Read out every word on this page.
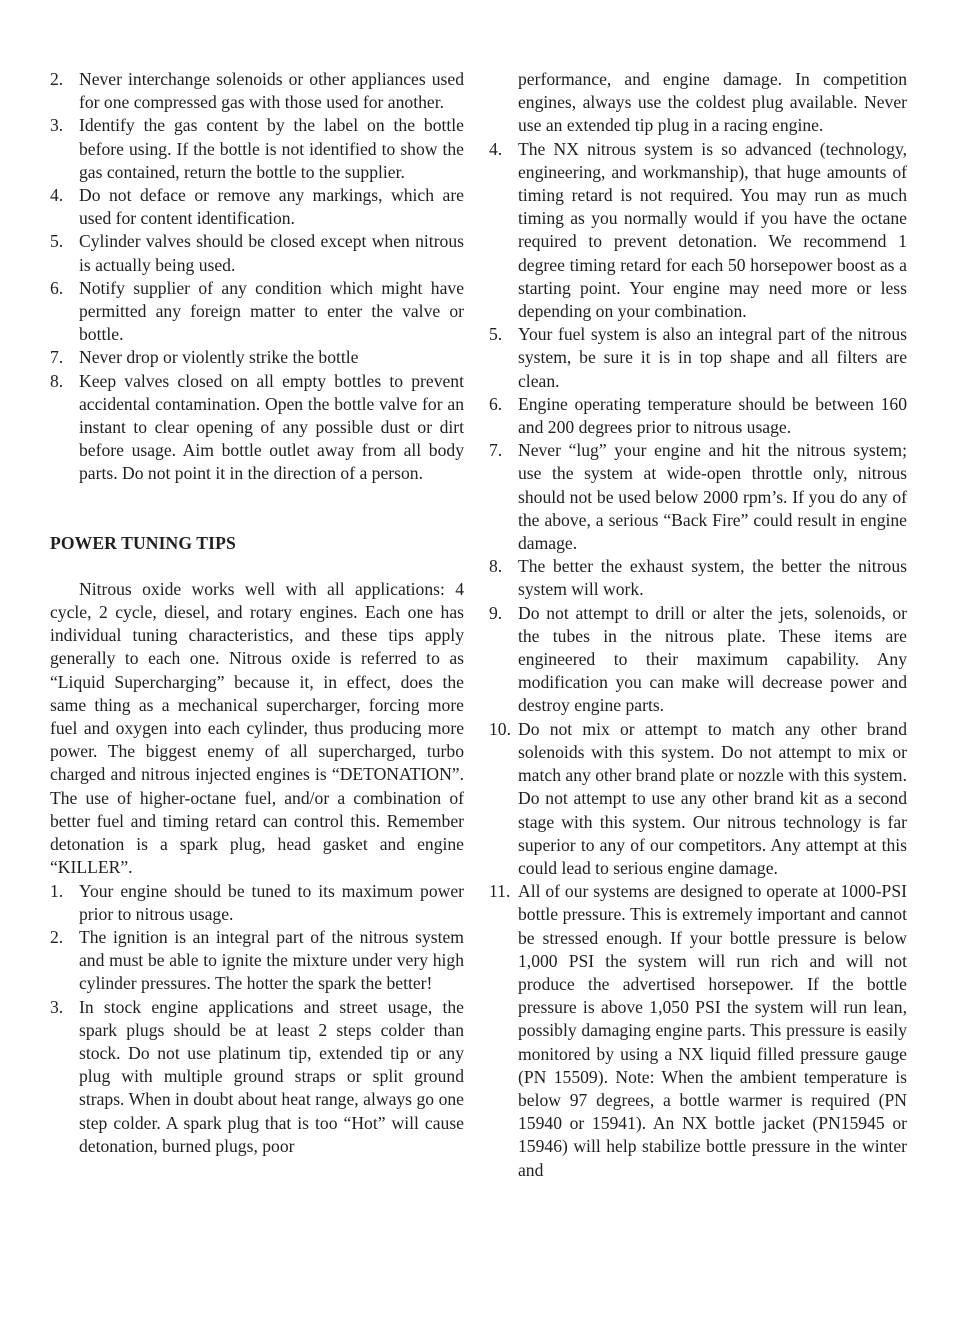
2. Never interchange solenoids or other appliances used for one compressed gas with those used for another.
3. Identify the gas content by the label on the bottle before using. If the bottle is not identified to show the gas contained, return the bottle to the supplier.
4. Do not deface or remove any markings, which are used for content identification.
5. Cylinder valves should be closed except when nitrous is actually being used.
6. Notify supplier of any condition which might have permitted any foreign matter to enter the valve or bottle.
7. Never drop or violently strike the bottle
8. Keep valves closed on all empty bottles to prevent accidental contamination. Open the bottle valve for an instant to clear opening of any possible dust or dirt before usage. Aim bottle outlet away from all body parts. Do not point it in the direction of a person.

POWER TUNING TIPS

Nitrous oxide works well with all applications: 4 cycle, 2 cycle, diesel, and rotary engines. Each one has individual tuning characteristics, and these tips apply generally to each one. Nitrous oxide is referred to as “Liquid Supercharging” because it, in effect, does the same thing as a mechanical supercharger, forcing more fuel and oxygen into each cylinder, thus producing more power. The biggest enemy of all supercharged, turbo charged and nitrous injected engines is “DETONATION”. The use of higher-octane fuel, and/or a combination of better fuel and timing retard can control this. Remember detonation is a spark plug, head gasket and engine “KILLER”.

1. Your engine should be tuned to its maximum power prior to nitrous usage.
2. The ignition is an integral part of the nitrous system and must be able to ignite the mixture under very high cylinder pressures. The hotter the spark the better!
3. In stock engine applications and street usage, the spark plugs should be at least 2 steps colder than stock. Do not use platinum tip, extended tip or any plug with multiple ground straps or split ground straps. When in doubt about heat range, always go one step colder. A spark plug that is too “Hot” will cause detonation, burned plugs, poor

performance, and engine damage. In competition engines, always use the coldest plug available. Never use an extended tip plug in a racing engine.

4. The NX nitrous system is so advanced (technology, engineering, and workmanship), that huge amounts of timing retard is not required. You may run as much timing as you normally would if you have the octane required to prevent detonation. We recommend 1 degree timing retard for each 50 horsepower boost as a starting point. Your engine may need more or less depending on your combination.
5. Your fuel system is also an integral part of the nitrous system, be sure it is in top shape and all filters are clean.
6. Engine operating temperature should be between 160 and 200 degrees prior to nitrous usage.
7. Never “lug” your engine and hit the nitrous system; use the system at wide-open throttle only, nitrous should not be used below 2000 rpm’s. If you do any of the above, a serious “Back Fire” could result in engine damage.
8. The better the exhaust system, the better the nitrous system will work.
9. Do not attempt to drill or alter the jets, solenoids, or the tubes in the nitrous plate. These items are engineered to their maximum capability. Any modification you can make will decrease power and destroy engine parts.
10. Do not mix or attempt to match any other brand solenoids with this system. Do not attempt to mix or match any other brand plate or nozzle with this system. Do not attempt to use any other brand kit as a second stage with this system. Our nitrous technology is far superior to any of our competitors. Any attempt at this could lead to serious engine damage.
11. All of our systems are designed to operate at 1000-PSI bottle pressure. This is extremely important and cannot be stressed enough. If your bottle pressure is below 1,000 PSI the system will run rich and will not produce the advertised horsepower. If the bottle pressure is above 1,050 PSI the system will run lean, possibly damaging engine parts. This pressure is easily monitored by using a NX liquid filled pressure gauge (PN 15509). Note: When the ambient temperature is below 97 degrees, a bottle warmer is required (PN 15940 or 15941). An NX bottle jacket (PN15945 or 15946) will help stabilize bottle pressure in the winter and
